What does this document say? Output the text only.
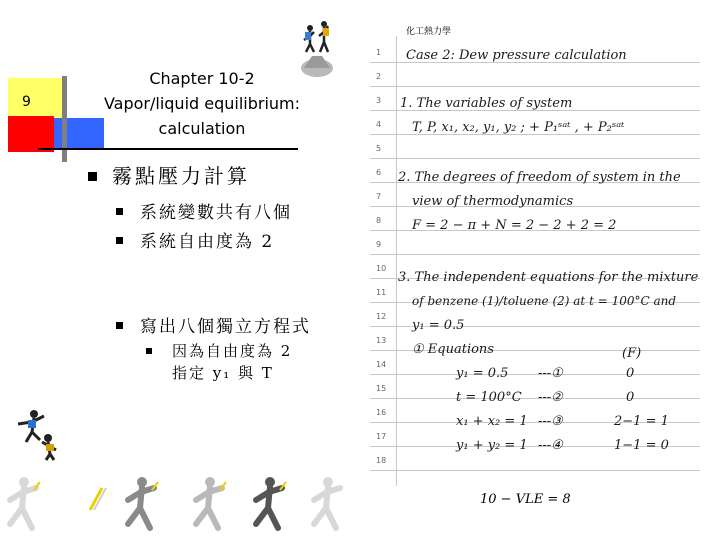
9
Chapter 10-2
Vapor/liquid equilibrium:
calculation
霧點壓力計算
系統變數共有八個
系統自由度為 2
寫出八個獨立方程式
因為自由度為 2
指定 y₁ 與 T
化工熱力學
1
2
3
4
5
6
7
8
9
10
11
12
13
14
15
16
17
18
Case 2: Dew pressure calculation
1. The variables of system
T, P, x₁, x₂, y₁, y₂ ; + P₁ˢᵃᵗ , + P₂ˢᵃᵗ
2. The degrees of freedom of system in the
view of thermodynamics
F = 2 − π + N = 2 − 2 + 2 = 2
3. The independent equations for the mixture
of benzene (1)/toluene (2) at t = 100°C and
y₁ = 0.5
① Equations	(F)
y₁ = 0.5
t = 100°C
x₁ + x₂ = 1
y₁ + y₂ = 1
---①
---②
---③
---④
0
0
2−1 = 1
1−1 = 0
10 − VLE = 8
